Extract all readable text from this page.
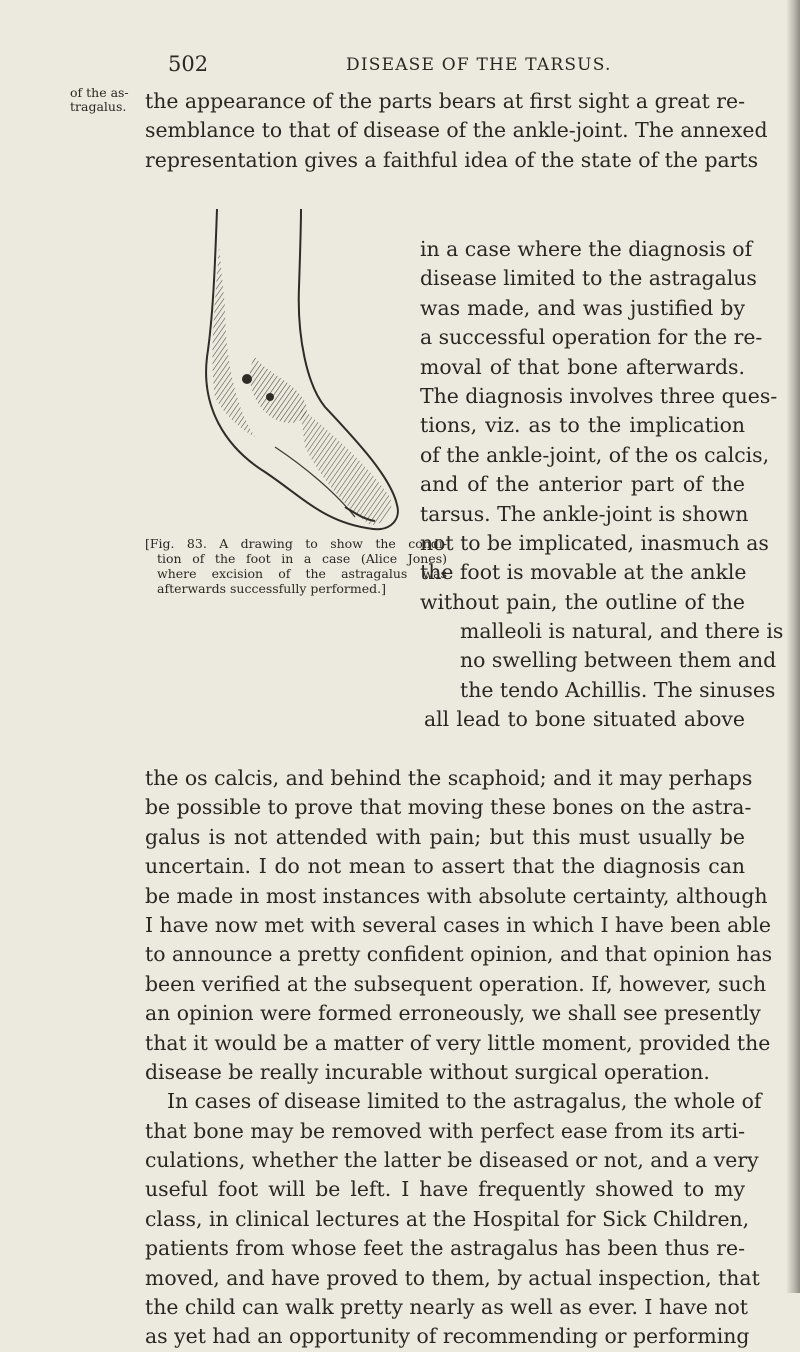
502	DISEASE OF THE TARSUS.
of the as-
tragalus. the appearance of the parts bears at first sight a great re-
semblance to that of disease of the ankle-joint. The annexed
representation gives a faithful idea of the state of the parts
in a case where the diagnosis of
disease limited to the astragalus
was made, and was justified by
a successful operation for the re-
moval of that bone afterwards.
The diagnosis involves three ques-
tions, viz. as to the implication
of the ankle-joint, of the os calcis,
and of the anterior part of the
tarsus. The ankle-joint is shown
not to be implicated, inasmuch as
the foot is movable at the ankle
without pain, the outline of the
malleoli is natural, and there is
no swelling between them and
the tendo Achillis. The sinuses
all lead to bone situated above
[Fig. 83. A drawing to show the condi-
tion of the foot in a case (Alice Jones)
where excision of the astragalus was
afterwards successfully performed.]
the os calcis, and behind the scaphoid; and it may perhaps
be possible to prove that moving these bones on the astra-
galus is not attended with pain; but this must usually be
uncertain. I do not mean to assert that the diagnosis can
be made in most instances with absolute certainty, although
I have now met with several cases in which I have been able
to announce a pretty confident opinion, and that opinion has
been verified at the subsequent operation. If, however, such
an opinion were formed erroneously, we shall see presently
that it would be a matter of very little moment, provided the
disease be really incurable without surgical operation.
In cases of disease limited to the astragalus, the whole of
that bone may be removed with perfect ease from its arti-
culations, whether the latter be diseased or not, and a very
useful foot will be left. I have frequently showed to my
class, in clinical lectures at the Hospital for Sick Children,
patients from whose feet the astragalus has been thus re-
moved, and have proved to them, by actual inspection, that
the child can walk pretty nearly as well as ever. I have not
as yet had an opportunity of recommending or performing
